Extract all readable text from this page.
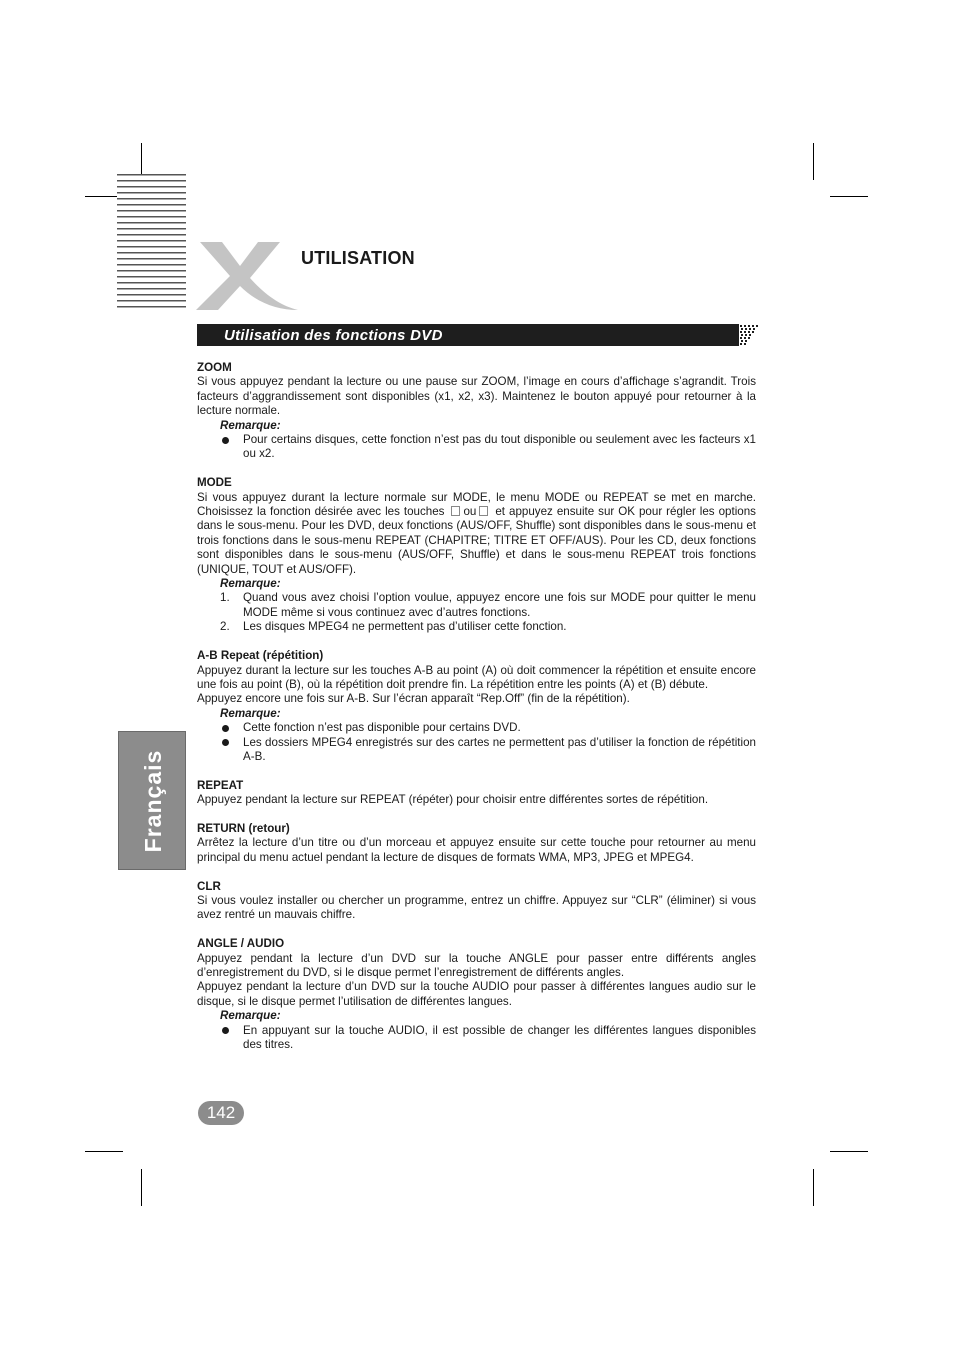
UTILISATION
Utilisation des fonctions DVD
Français
ZOOM

Si vous appuyez pendant la lecture ou une pause sur ZOOM, l’image en cours d’affichage s’agrandit. Trois facteurs d’aggrandissement sont disponibles (x1, x2, x3). Maintenez le bouton appuyé pour retourner à la lecture normale.

Remarque:
Pour certains disques, cette fonction n’est pas du tout disponible ou seulement avec les facteurs x1 ou x2.
MODE

Si vous appuyez durant la lecture normale sur MODE, le menu MODE ou REPEAT se met en marche. Choisissez la fonction désirée avec les touches ou et appuyez ensuite sur OK pour régler les options dans le sous-menu. Pour les DVD, deux fonctions (AUS/OFF, Shuffle) sont disponibles dans le sous-menu et trois fonctions dans le sous-menu REPEAT (CHAPITRE; TITRE ET OFF/AUS). Pour les CD, deux fonctions sont disponibles dans le sous-menu (AUS/OFF, Shuffle) et dans le sous-menu REPEAT trois fonctions (UNIQUE, TOUT et AUS/OFF).

Remarque:
1. Quand vous avez choisi l’option voulue, appuyez encore une fois sur MODE pour quitter le menu MODE même si vous continuez avec d’autres fonctions.
2. Les disques MPEG4 ne permettent pas d’utiliser cette fonction.
A-B Repeat (répétition)

Appuyez durant la lecture sur les touches A-B au point (A) où doit commencer la répétition et ensuite encore une fois au point (B), où la répétition doit prendre fin. La répétition entre les points (A) et (B) débute.

Appuyez encore une fois sur A-B. Sur l’écran apparaît “Rep.Off” (fin de la répétition).

Remarque:
Cette fonction n’est pas disponible pour certains DVD.
Les dossiers MPEG4 enregistrés sur des cartes ne permettent pas d’utiliser la fonction de répétition A-B.
REPEAT

Appuyez pendant la lecture sur REPEAT (répéter) pour choisir entre différentes sortes de répétition.

RETURN (retour)

Arrêtez la lecture d’un titre ou d’un morceau et appuyez ensuite sur cette touche pour retourner au menu principal du menu actuel pendant la lecture de disques de formats WMA, MP3, JPEG et MPEG4.

CLR

Si vous voulez installer ou chercher un programme, entrez un chiffre. Appuyez sur “CLR” (éliminer) si vous avez rentré un mauvais chiffre.

ANGLE / AUDIO

Appuyez pendant la lecture d’un DVD sur la touche ANGLE pour passer entre différents angles d’enregistrement du DVD, si le disque permet l’enregistrement de différents angles.

Appuyez pendant la lecture d’un DVD sur la touche AUDIO pour passer à différentes langues audio sur le disque, si le disque permet l’utilisation de différentes langues.

Remarque:
En appuyant sur la touche AUDIO, il est possible de changer les différentes langues disponibles des titres.
142
